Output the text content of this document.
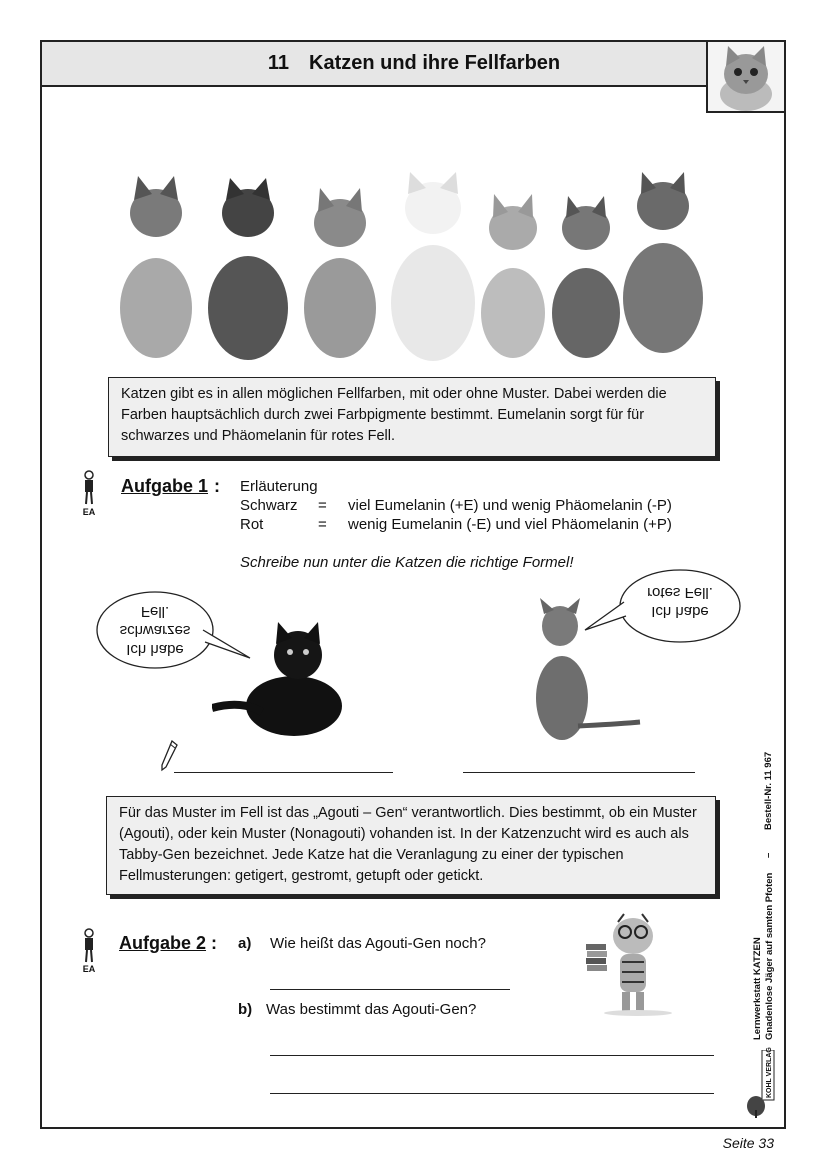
11 Katzen und ihre Fellfarben
Katzen gibt es in allen möglichen Fellfarben, mit oder ohne Muster. Dabei werden die Farben hauptsächlich durch zwei Farbpigmente bestimmt. Eumelanin sorgt für für schwarzes und Phäomelanin für rotes Fell.
EA
Aufgabe 1 : Erläuterung
Schwarz = viel Eumelanin (+E) und wenig Phäomelanin (-P)
Rot	= wenig Eumelanin (-E) und viel Phäomelanin (+P)
Schreibe nun unter die Katzen die richtige Formel!
Ich habe
schwarzes
Fell.	Ich habe
rotes Fell.
Für das Muster im Fell ist das „Agouti – Gen“ verantwortlich. Dies bestimmt, ob ein Muster (Agouti), oder kein Muster (Nonagouti) vohanden ist. In der Katzenzucht wird es auch als Tabby-Gen bezeichnet. Jede Katze hat die Veranlagung zu einer der typischen Fellmusterungen: getigert, gestromt, getupft oder getickt.
EA
Aufgabe 2 : a) Wie heißt das Agouti-Gen noch?
b) Was bestimmt das Agouti-Gen?
Bestell-Nr. 11 967
–
Lernwerkstatt KATZEN Gnadenlose Jäger auf samten Pfoten
KOHL VERLAG
Seite 33
